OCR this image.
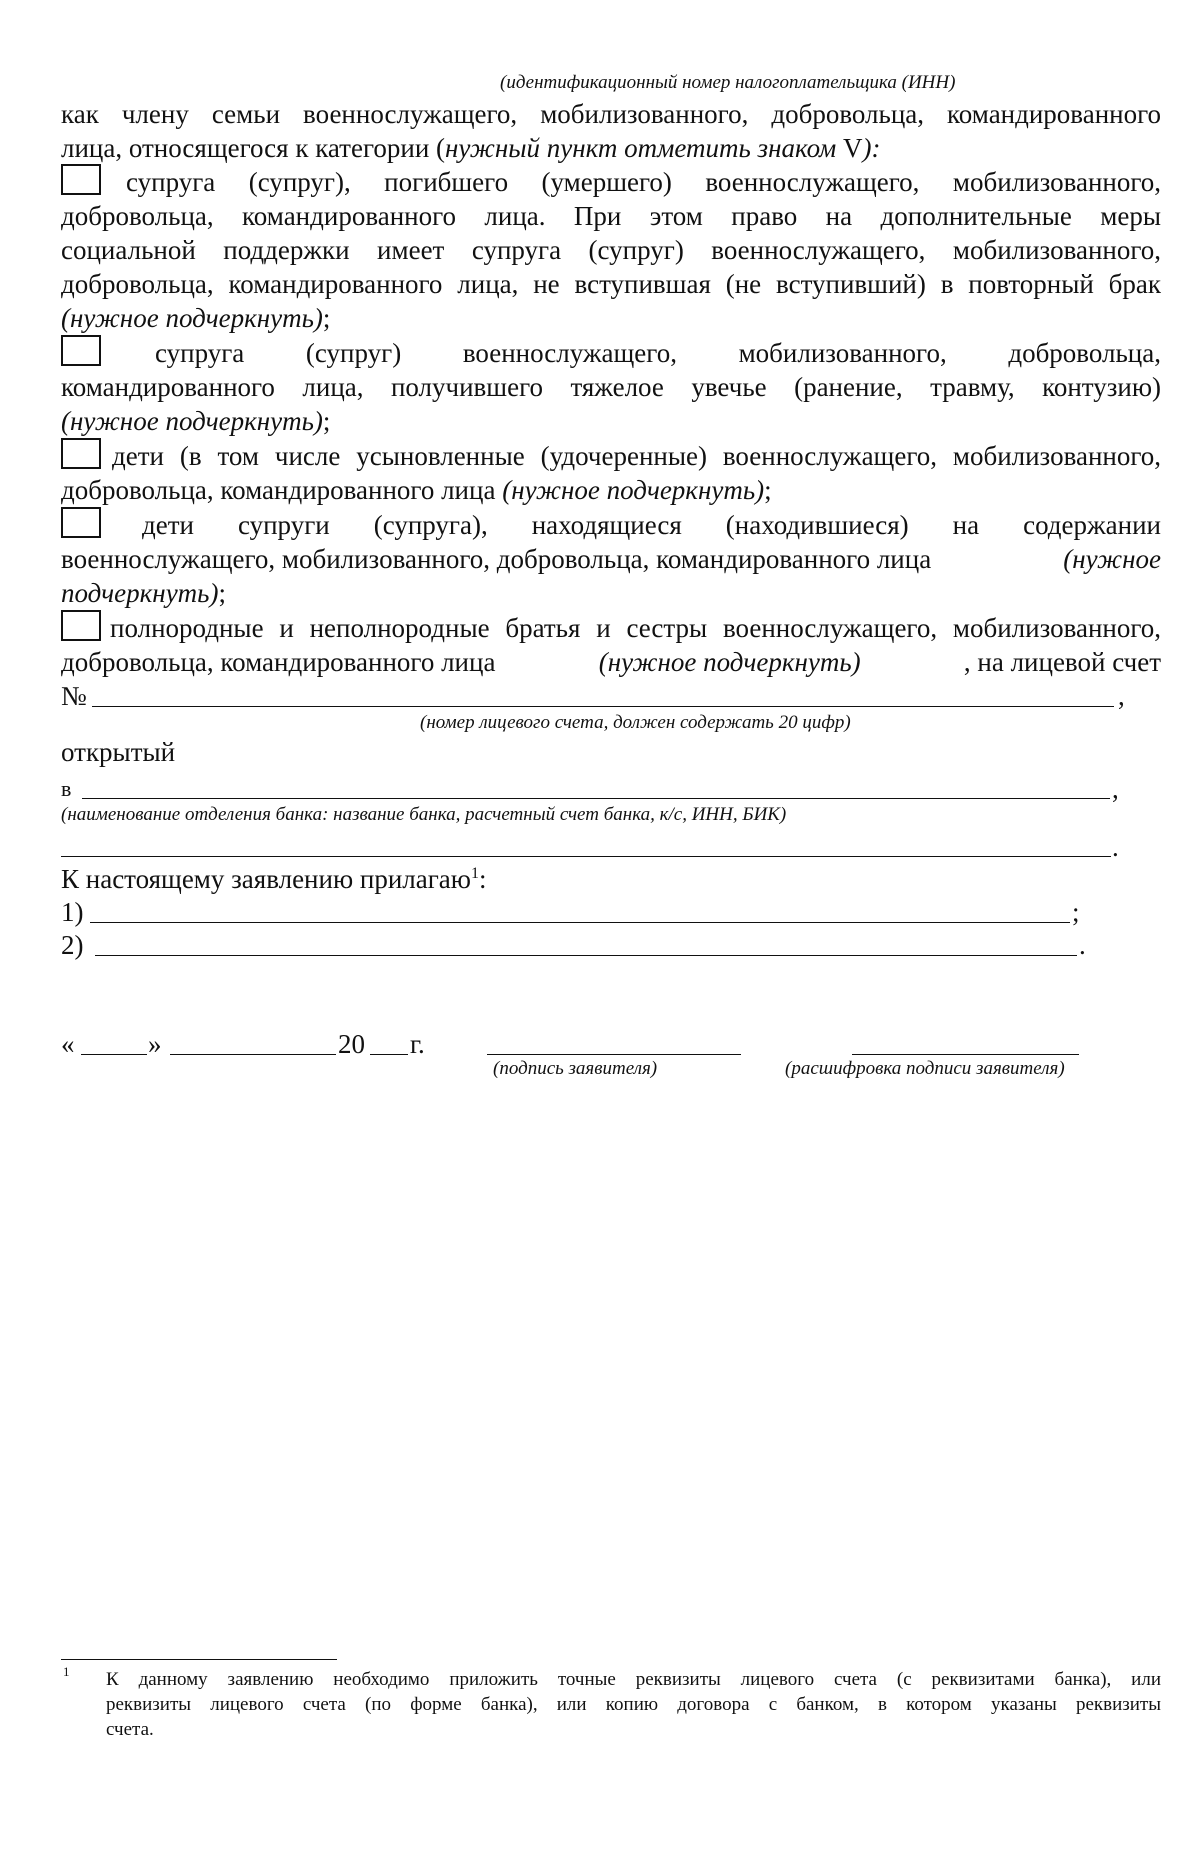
(идентификационный номер налогоплательщика (ИНН)
как члену семьи военнослужащего, мобилизованного, добровольца, командированного
лица, относящегося к категории (нужный пункт отметить знаком V):
супруга (супруг), погибшего (умершего) военнослужащего, мобилизованного,
добровольца, командированного лица. При этом право на дополнительные меры
социальной поддержки имеет супруга (супруг) военнослужащего, мобилизованного,
добровольца, командированного лица, не вступившая (не вступивший) в повторный брак
(нужное подчеркнуть);
супруга (супруг) военнослужащего, мобилизованного, добровольца,
командированного лица, получившего тяжелое увечье (ранение, травму, контузию)
(нужное подчеркнуть);
дети (в том числе усыновленные (удочеренные) военнослужащего, мобилизованного,
добровольца, командированного лица (нужное подчеркнуть);
дети супруги (супруга), находящиеся (находившиеся) на содержании
военнослужащего, мобилизованного, добровольца, командированного лица	(нужное
подчеркнуть);
полнородные и неполнородные братья и сестры военнослужащего, мобилизованного,
добровольца, командированного лица	(нужное подчеркнуть)	, на лицевой счет
№	,
(номер лицевого счета, должен содержать 20 цифр)
открытый
в	,
(наименование отделения банка: название банка, расчетный счет банка, к/с, ИНН, БИК)
.
К настоящему заявлению прилагаю$^1$:
1)	;
2)	.
«	»	20 г.
(подпись заявителя)	(расшифровка подписи заявителя)
1 К данному заявлению необходимо приложить точные реквизиты лицевого счета (с реквизитами банка), или
реквизиты лицевого счета (по форме банка), или копию договора с банком, в котором указаны реквизиты
счета.
